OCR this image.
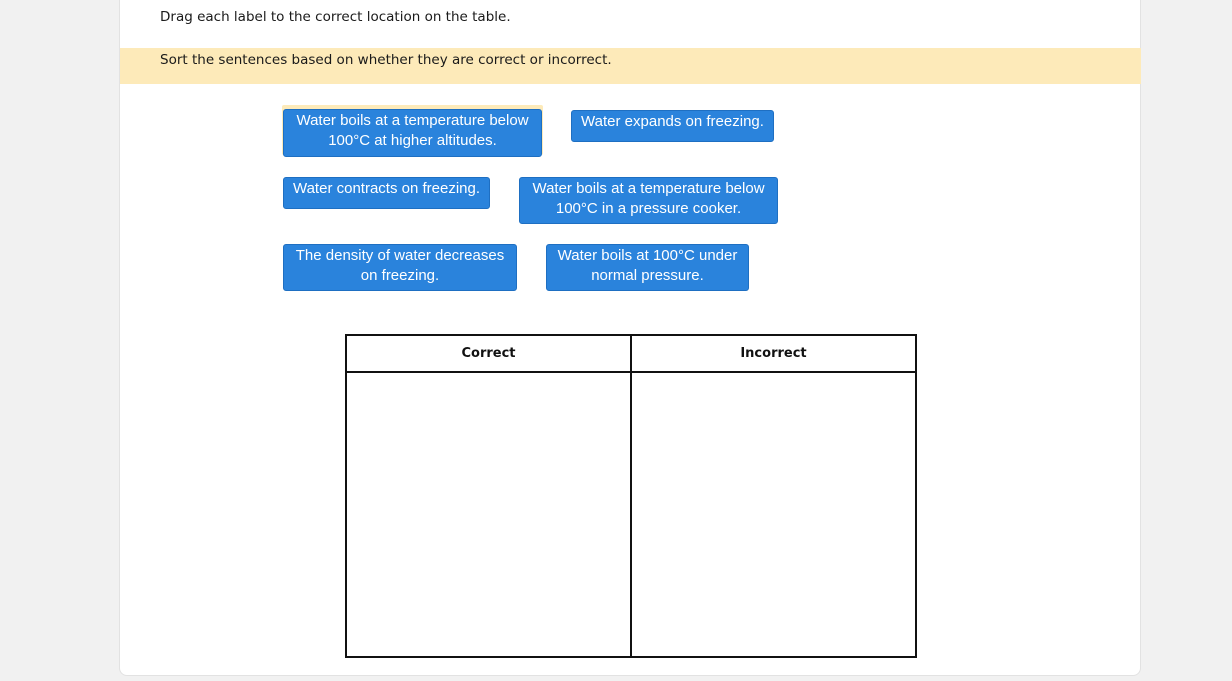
Drag each label to the correct location on the table.
Sort the sentences based on whether they are correct or incorrect.
Water boils at a temperature below 100°C at higher altitudes.
Water expands on freezing.
Water contracts on freezing.	Water boils at a temperature below 100°C in a pressure cooker.
The density of water decreases on freezing.
Water boils at 100°C under normal pressure.
Correct	Incorrect
